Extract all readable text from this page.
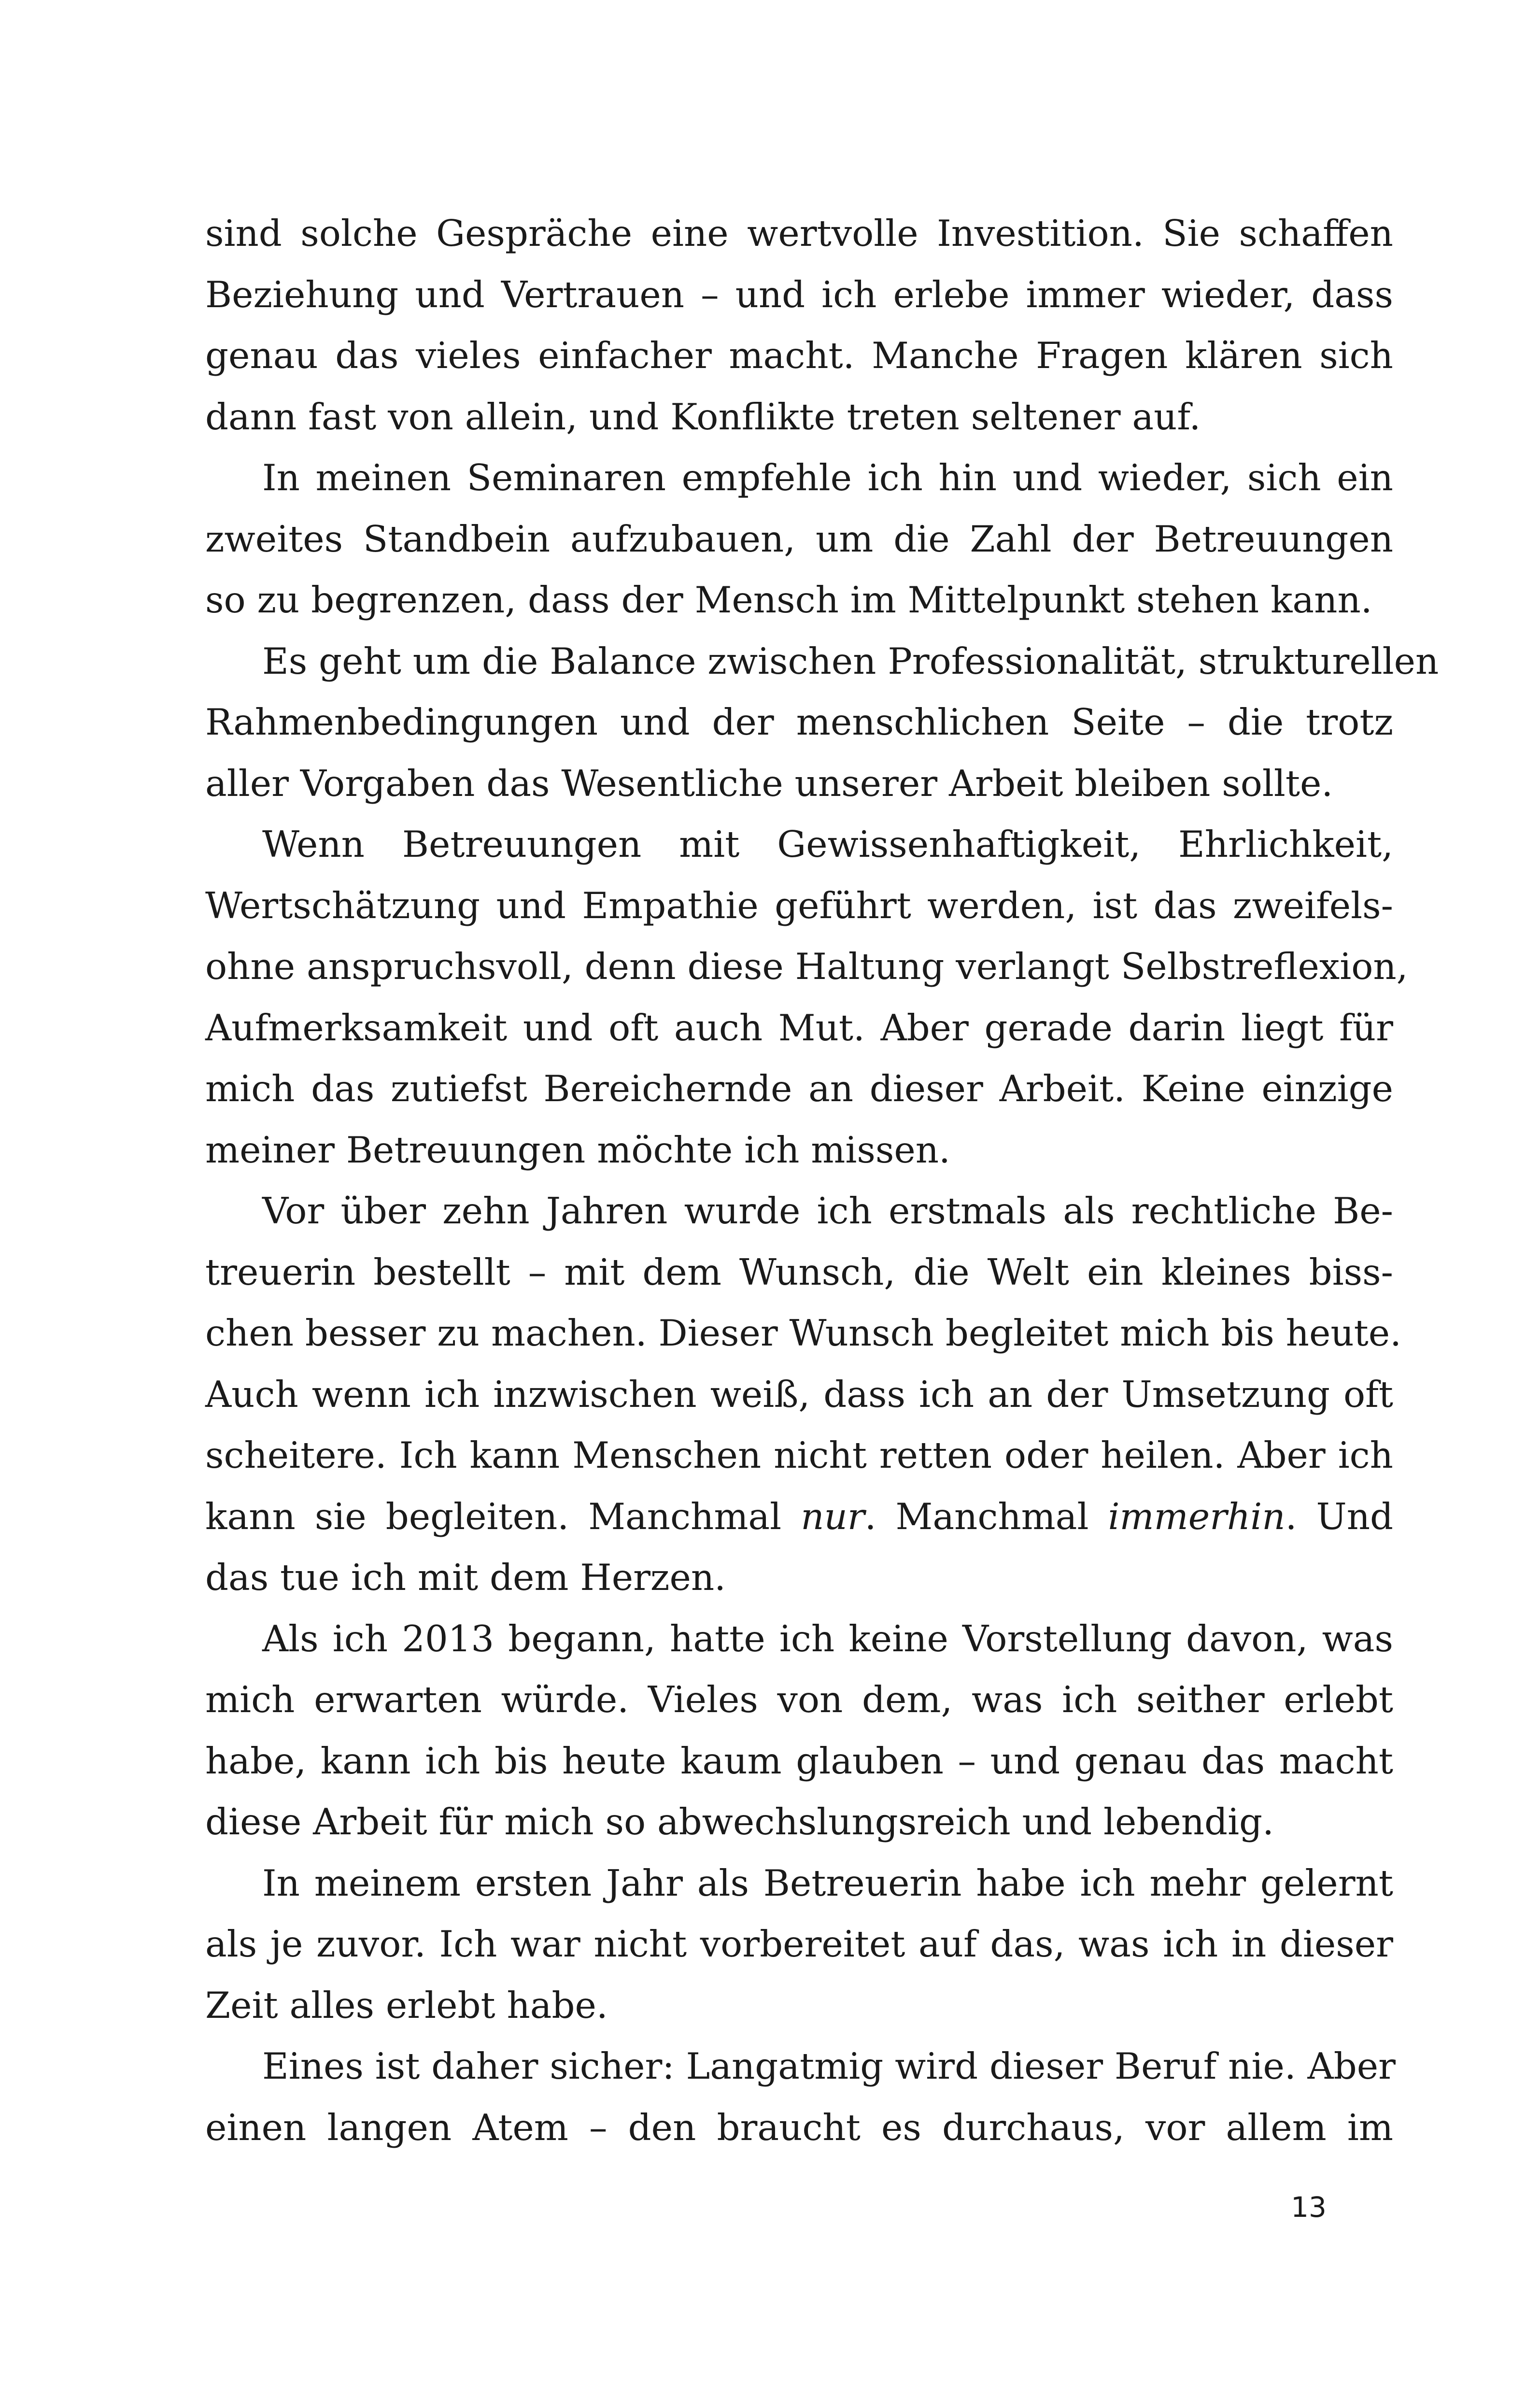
sind solche Gespräche eine wertvolle Investition. Sie schaffen
Beziehung und Vertrauen – und ich erlebe immer wieder, dass
genau das vieles einfacher macht. Manche Fragen klären sich
dann fast von allein, und Konflikte treten seltener auf.
In meinen Seminaren empfehle ich hin und wieder, sich ein
zweites Standbein aufzubauen, um die Zahl der Betreuungen
so zu begrenzen, dass der Mensch im Mittelpunkt stehen kann.
Es geht um die Balance zwischen Professionalität, strukturellen
Rahmenbedingungen und der menschlichen Seite – die trotz
aller Vorgaben das Wesentliche unserer Arbeit bleiben sollte.
Wenn Betreuungen mit Gewissenhaftigkeit, Ehrlichkeit,
Wertschätzung und Empathie geführt werden, ist das zweifels-
ohne anspruchsvoll, denn diese Haltung verlangt Selbstreflexion,
Aufmerksamkeit und oft auch Mut. Aber gerade darin liegt für
mich das zutiefst Bereichernde an dieser Arbeit. Keine einzige
meiner Betreuungen möchte ich missen.
Vor über zehn Jahren wurde ich erstmals als rechtliche Be-
treuerin bestellt – mit dem Wunsch, die Welt ein kleines biss-
chen besser zu machen. Dieser Wunsch begleitet mich bis heute.
Auch wenn ich inzwischen weiß, dass ich an der Umsetzung oft
scheitere. Ich kann Menschen nicht retten oder heilen. Aber ich
kann sie begleiten. Manchmal nur. Manchmal immerhin. Und
das tue ich mit dem Herzen.
Als ich 2013 begann, hatte ich keine Vorstellung davon, was
mich erwarten würde. Vieles von dem, was ich seither erlebt
habe, kann ich bis heute kaum glauben – und genau das macht
diese Arbeit für mich so abwechslungsreich und lebendig.
In meinem ersten Jahr als Betreuerin habe ich mehr gelernt
als je zuvor. Ich war nicht vorbereitet auf das, was ich in dieser
Zeit alles erlebt habe.
Eines ist daher sicher: Langatmig wird dieser Beruf nie. Aber
einen langen Atem – den braucht es durchaus, vor allem im
13
